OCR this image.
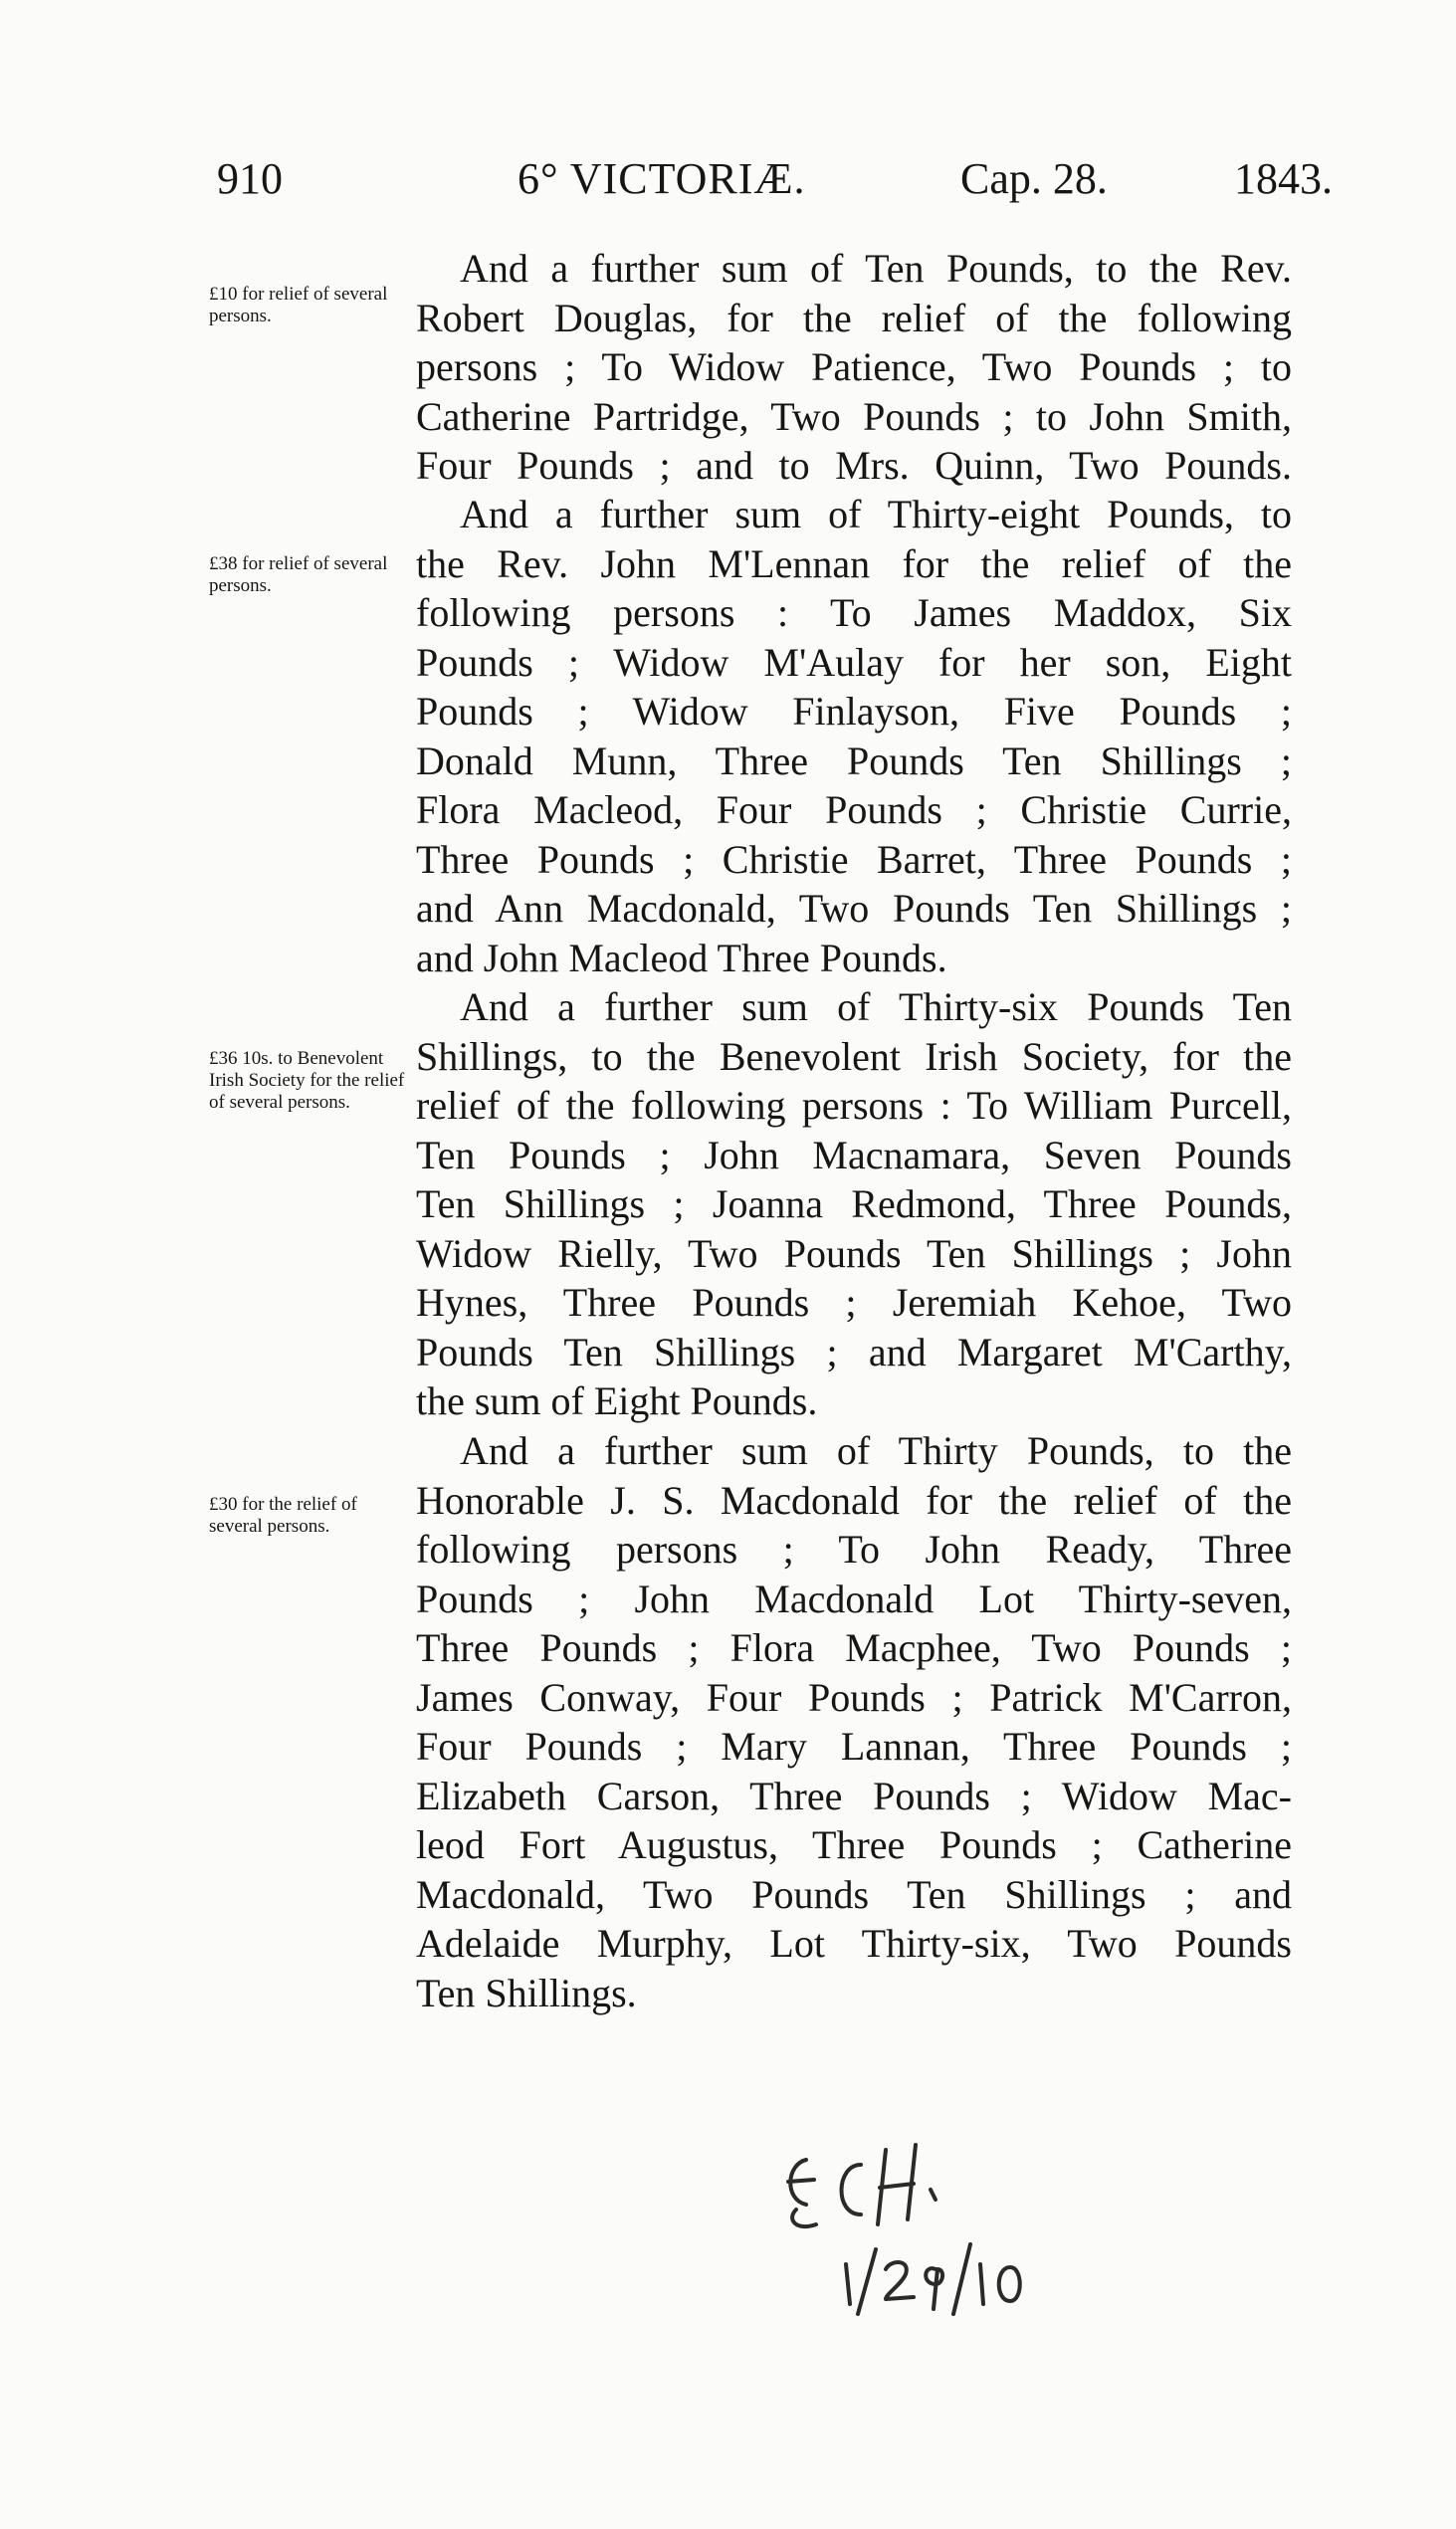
910	6° VICTORIÆ.	Cap. 28.	1843.
£10 for relief of several persons.
And a further sum of Ten Pounds, to the Rev.
Robert Douglas, for the relief of the following
persons ; To Widow Patience, Two Pounds ; to
Catherine Partridge, Two Pounds ; to John Smith,
Four Pounds ; and to Mrs. Quinn, Two Pounds.
£38 for relief of several persons.
And a further sum of Thirty-eight Pounds, to
the Rev. John M'Lennan for the relief of the
following persons : To James Maddox, Six
Pounds ; Widow M'Aulay for her son, Eight
Pounds ; Widow Finlayson, Five Pounds ;
Donald Munn, Three Pounds Ten Shillings ;
Flora Macleod, Four Pounds ; Christie Currie,
Three Pounds ; Christie Barret, Three Pounds ;
and Ann Macdonald, Two Pounds Ten Shillings ;
and John Macleod Three Pounds.
£36 10s. to Benevolent Irish Society for the relief of several persons.
And a further sum of Thirty-six Pounds Ten
Shillings, to the Benevolent Irish Society, for the
relief of the following persons : To William Purcell,
Ten Pounds ; John Macnamara, Seven Pounds
Ten Shillings ; Joanna Redmond, Three Pounds,
Widow Rielly, Two Pounds Ten Shillings ; John
Hynes, Three Pounds ; Jeremiah Kehoe, Two
Pounds Ten Shillings ; and Margaret M'Carthy,
the sum of Eight Pounds.
£30 for the relief of several persons.
And a further sum of Thirty Pounds, to the
Honorable J. S. Macdonald for the relief of the
following persons ; To John Ready, Three
Pounds ; John Macdonald Lot Thirty-seven,
Three Pounds ; Flora Macphee, Two Pounds ;
James Conway, Four Pounds ; Patrick M'Carron,
Four Pounds ; Mary Lannan, Three Pounds ;
Elizabeth Carson, Three Pounds ; Widow Mac-
leod Fort Augustus, Three Pounds ; Catherine
Macdonald, Two Pounds Ten Shillings ; and
Adelaide Murphy, Lot Thirty-six, Two Pounds
Ten Shillings.
